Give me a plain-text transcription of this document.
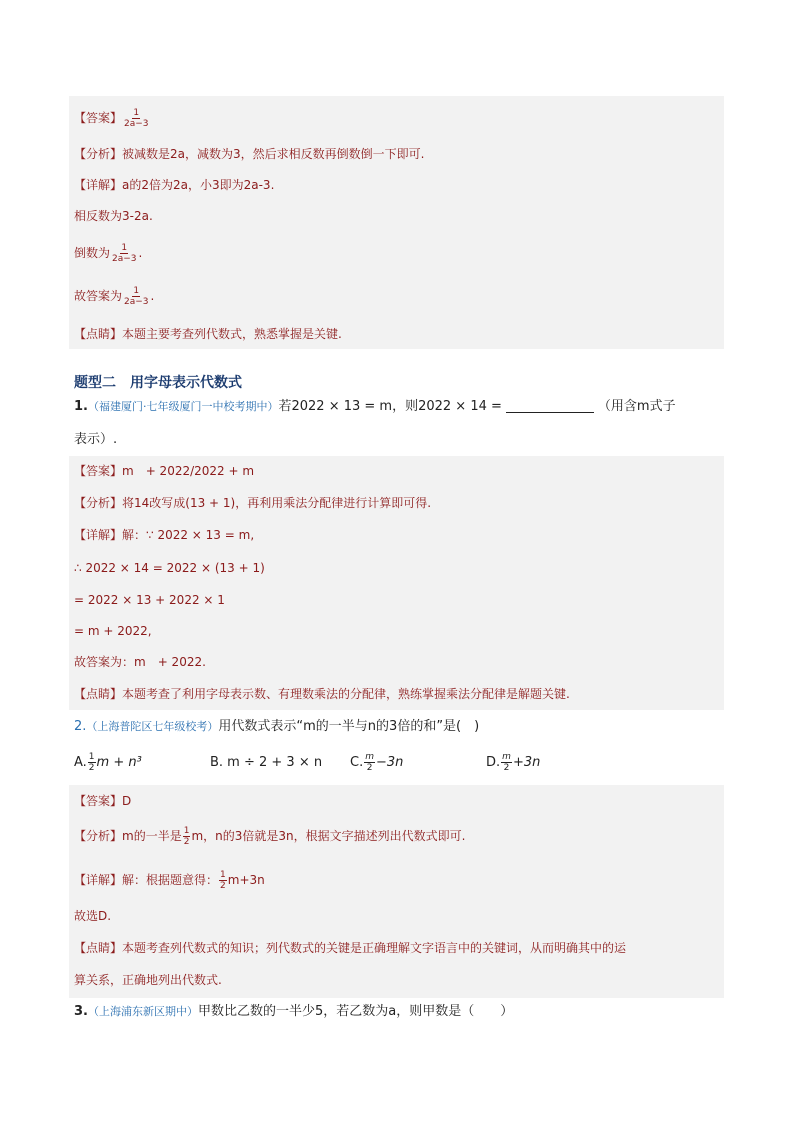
【答案】 $\frac{1}{2a-3}$
【分析】被减数是2a，减数为3，然后求相反数再倒数倒一下即可.
【详解】a的2倍为2a，小3即为2a-3.
相反数为3-2a.
倒数为 $\frac{1}{2a-3}$ .
故答案为 $\frac{1}{2a-3}$ .
【点睛】本题主要考查列代数式，熟悉掌握是关键.
题型二　用字母表示代数式
1.（福建厦门·七年级厦门一中校考期中）若2022 × 13 = m，则2022 × 14 =	（用含m式子
表示）.
【答案】m　+ 2022/2022 + m
【分析】将14改写成(13 + 1)，再利用乘法分配律进行计算即可得.
【详解】解：∵ 2022 × 13 = m,
∴ 2022 × 14 = 2022 × (13 + 1)
= 2022 × 13 + 2022 × 1
= m + 2022,
故答案为：m　+ 2022.
【点睛】本题考查了利用字母表示数、有理数乘法的分配律，熟练掌握乘法分配律是解题关键.
2.（上海普陀区七年级校考）用代数式表示“m的一半与n的3倍的和”是(　)
A. $\frac{1}{2}$ m + n³	B. m ÷ 2 + 3 × n C. $\frac{m}{2} -3n$	D. $\frac{m}{2} +3n$
【答案】D
【分析】m的一半是 $\frac{1}{2}$ m，n的3倍就是3n，根据文字描述列出代数式即可.
【详解】解：根据题意得： $\frac{1}{2} m+3n$
故选D.
【点睛】本题考查列代数式的知识；列代数式的关键是正确理解文字语言中的关键词，从而明确其中的运
算关系，正确地列出代数式.
3.（上海浦东新区期中）甲数比乙数的一半少5，若乙数为a，则甲数是（　　）
